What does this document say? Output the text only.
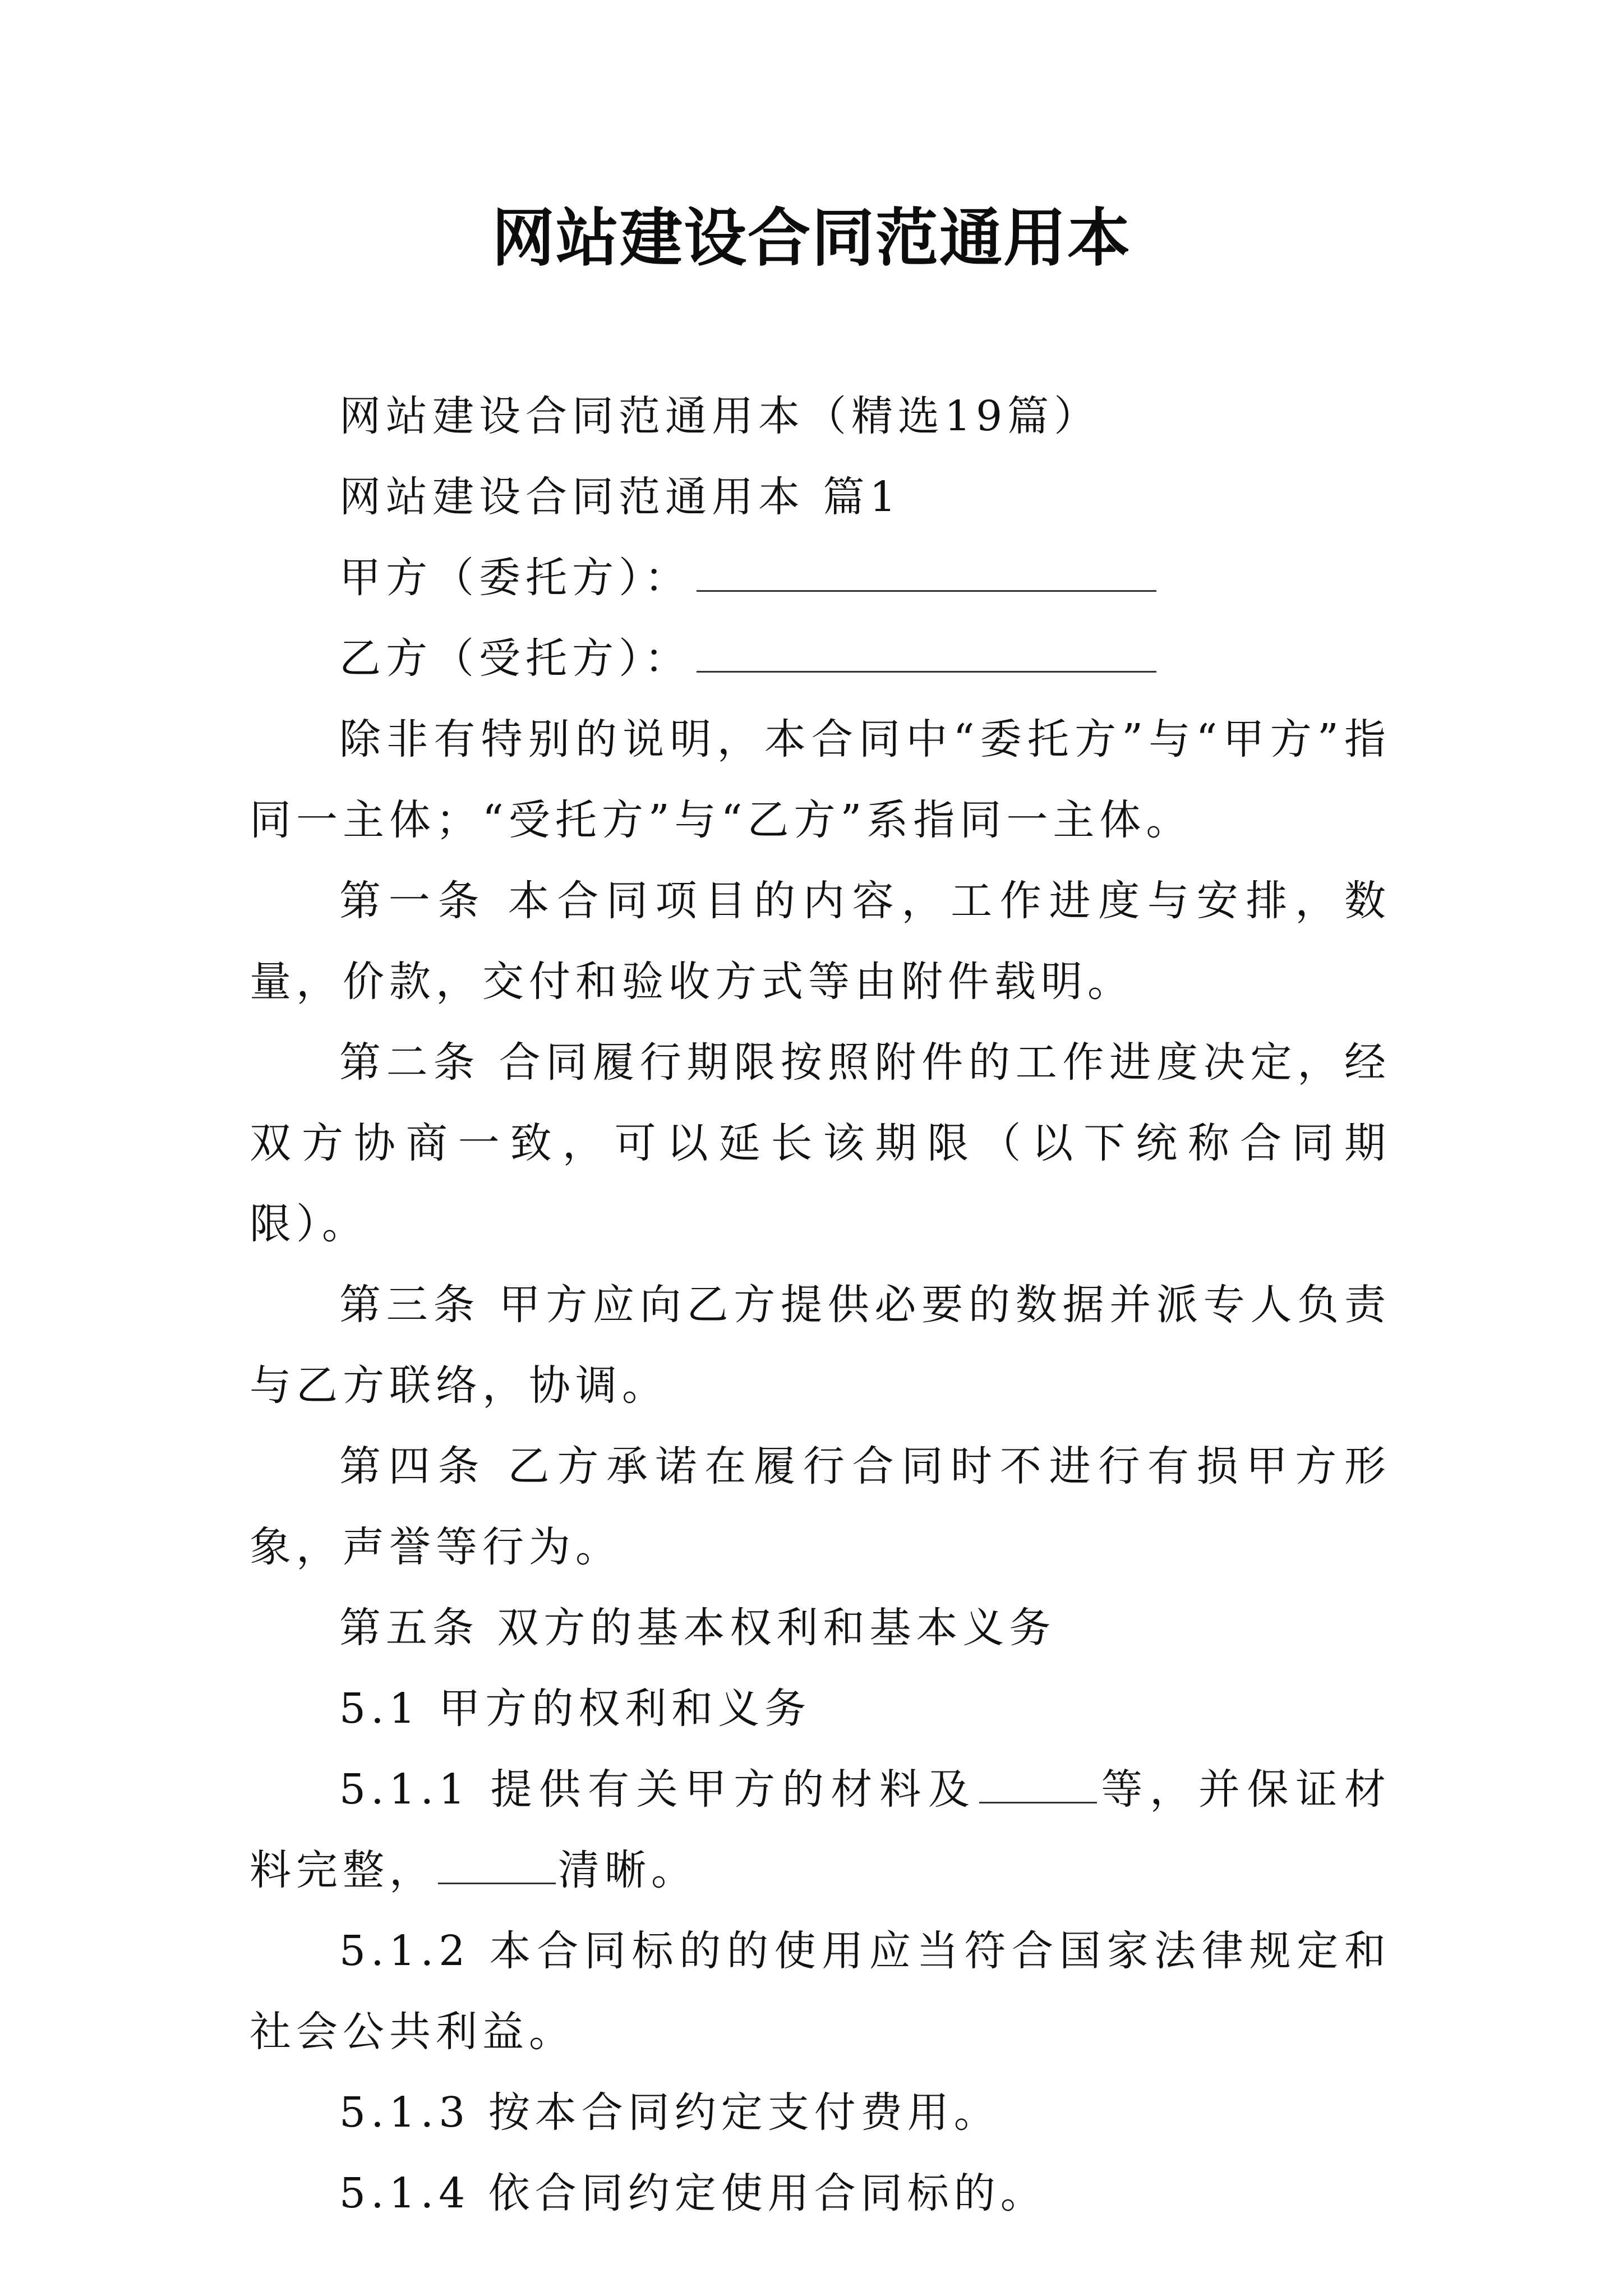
网站建设合同范通用本

网站建设合同范通用本（精选19篇）

网站建设合同范通用本 篇1

甲方（委托方）：

乙方（受托方）：

除非有特别的说明，本合同中“委托方”与“甲方”指同一主体；“受托方”与“乙方”系指同一主体。

第一条 本合同项目的内容，工作进度与安排，数量，价款，交付和验收方式等由附件载明。

第二条 合同履行期限按照附件的工作进度决定，经双方协商一致，可以延长该期限（以下统称合同期限）。

第三条 甲方应向乙方提供必要的数据并派专人负责与乙方联络，协调。

第四条 乙方承诺在履行合同时不进行有损甲方形象，声誉等行为。

第五条 双方的基本权利和基本义务

5.1 甲方的权利和义务

5.1.1 提供有关甲方的材料及	等，并保证材料完整，	清晰。

5.1.2 本合同标的的使用应当符合国家法律规定和社会公共利益。

5.1.3 按本合同约定支付费用。

5.1.4 依合同约定使用合同标的。
